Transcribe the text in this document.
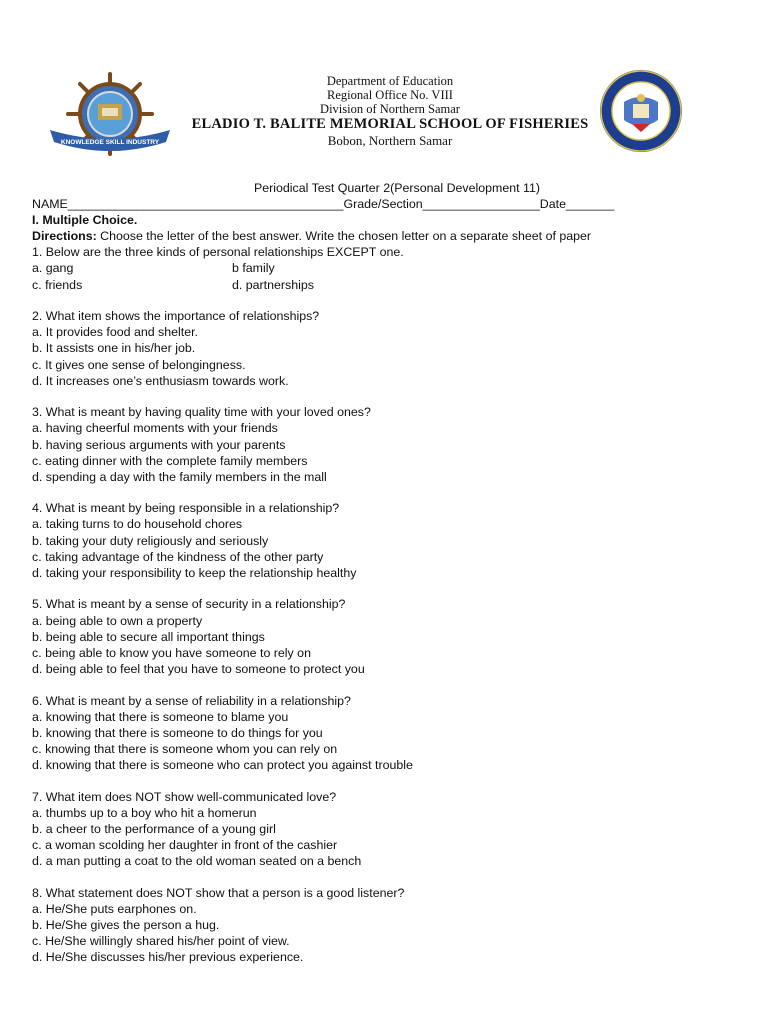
KNOWLEDGE SKILL INDUSTRY
Department of Education
Regional Office No. VIII
Division of Northern Samar
ELADIO T. BALITE MEMORIAL SCHOOL OF FISHERIES
Bobon, Northern Samar
Periodical Test Quarter 2(Personal Development 11)
NAME________________________________________Grade/Section_________________Date_______
I. Multiple Choice.
Directions: Choose the letter of the best answer. Write the chosen letter on a separate sheet of paper
1. Below are the three kinds of personal relationships EXCEPT one.
a. gang	b family
c. friends	d. partnerships
2. What item shows the importance of relationships?
a. It provides food and shelter.
b. It assists one in his/her job.
c. It gives one sense of belongingness.
d. It increases one’s enthusiasm towards work.
3. What is meant by having quality time with your loved ones?
a. having cheerful moments with your friends
b. having serious arguments with your parents
c. eating dinner with the complete family members
d. spending a day with the family members in the mall
4. What is meant by being responsible in a relationship?
a. taking turns to do household chores
b. taking your duty religiously and seriously
c. taking advantage of the kindness of the other party
d. taking your responsibility to keep the relationship healthy
5. What is meant by a sense of security in a relationship?
a. being able to own a property
b. being able to secure all important things
c. being able to know you have someone to rely on
d. being able to feel that you have to someone to protect you
6. What is meant by a sense of reliability in a relationship?
a. knowing that there is someone to blame you
b. knowing that there is someone to do things for you
c. knowing that there is someone whom you can rely on
d. knowing that there is someone who can protect you against trouble
7. What item does NOT show well-communicated love?
a. thumbs up to a boy who hit a homerun
b. a cheer to the performance of a young girl
c. a woman scolding her daughter in front of the cashier
d. a man putting a coat to the old woman seated on a bench
8. What statement does NOT show that a person is a good listener?
a. He/She puts earphones on.
b. He/She gives the person a hug.
c. He/She willingly shared his/her point of view.
d. He/She discusses his/her previous experience.
